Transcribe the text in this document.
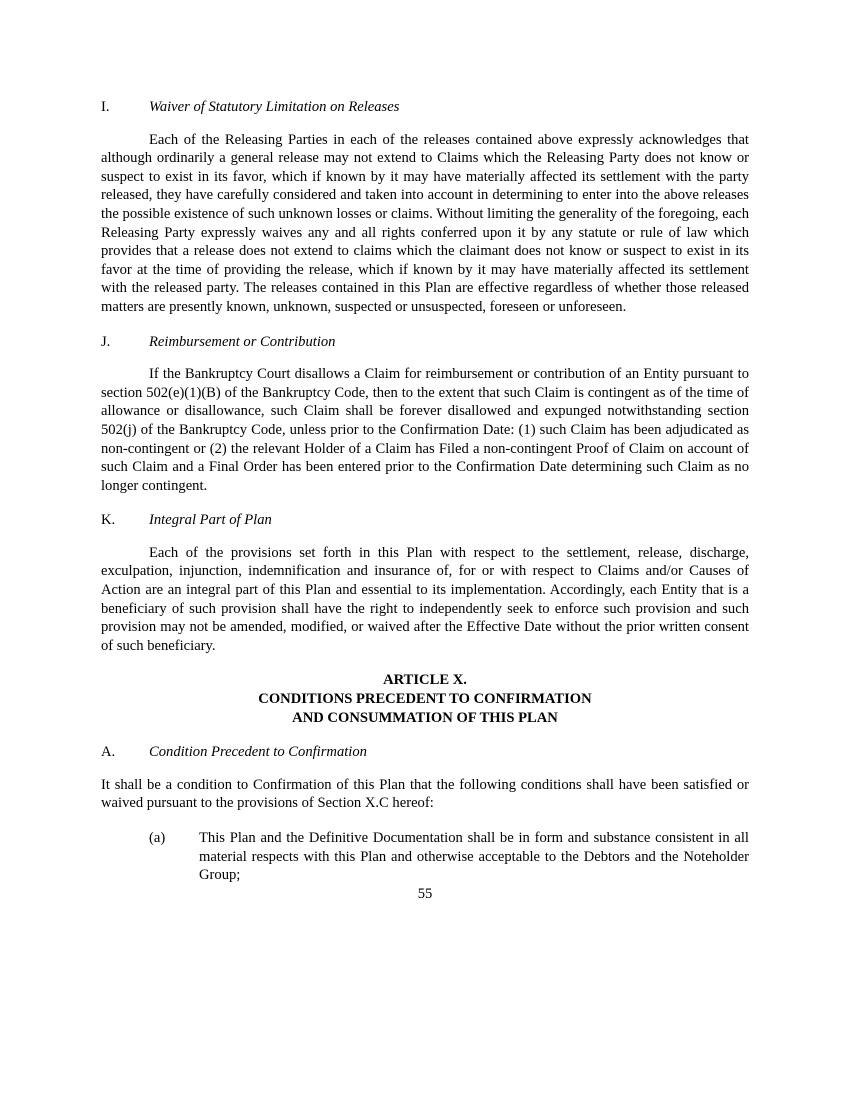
I.	Waiver of Statutory Limitation on Releases

Each of the Releasing Parties in each of the releases contained above expressly acknowledges that although ordinarily a general release may not extend to Claims which the Releasing Party does not know or suspect to exist in its favor, which if known by it may have materially affected its settlement with the party released, they have carefully considered and taken into account in determining to enter into the above releases the possible existence of such unknown losses or claims. Without limiting the generality of the foregoing, each Releasing Party expressly waives any and all rights conferred upon it by any statute or rule of law which provides that a release does not extend to claims which the claimant does not know or suspect to exist in its favor at the time of providing the release, which if known by it may have materially affected its settlement with the released party. The releases contained in this Plan are effective regardless of whether those released matters are presently known, unknown, suspected or unsuspected, foreseen or unforeseen.

J.	Reimbursement or Contribution

If the Bankruptcy Court disallows a Claim for reimbursement or contribution of an Entity pursuant to section 502(e)(1)(B) of the Bankruptcy Code, then to the extent that such Claim is contingent as of the time of allowance or disallowance, such Claim shall be forever disallowed and expunged notwithstanding section 502(j) of the Bankruptcy Code, unless prior to the Confirmation Date: (1) such Claim has been adjudicated as non-contingent or (2) the relevant Holder of a Claim has Filed a non-contingent Proof of Claim on account of such Claim and a Final Order has been entered prior to the Confirmation Date determining such Claim as no longer contingent.

K.	Integral Part of Plan

Each of the provisions set forth in this Plan with respect to the settlement, release, discharge, exculpation, injunction, indemnification and insurance of, for or with respect to Claims and/or Causes of Action are an integral part of this Plan and essential to its implementation. Accordingly, each Entity that is a beneficiary of such provision shall have the right to independently seek to enforce such provision and such provision may not be amended, modified, or waived after the Effective Date without the prior written consent of such beneficiary.

ARTICLE X.
CONDITIONS PRECEDENT TO CONFIRMATION
AND CONSUMMATION OF THIS PLAN
A.	Condition Precedent to Confirmation

It shall be a condition to Confirmation of this Plan that the following conditions shall have been satisfied or waived pursuant to the provisions of Section X.C hereof:

(a)	This Plan and the Definitive Documentation shall be in form and substance consistent in all material respects with this Plan and otherwise acceptable to the Debtors and the Noteholder Group;
55
